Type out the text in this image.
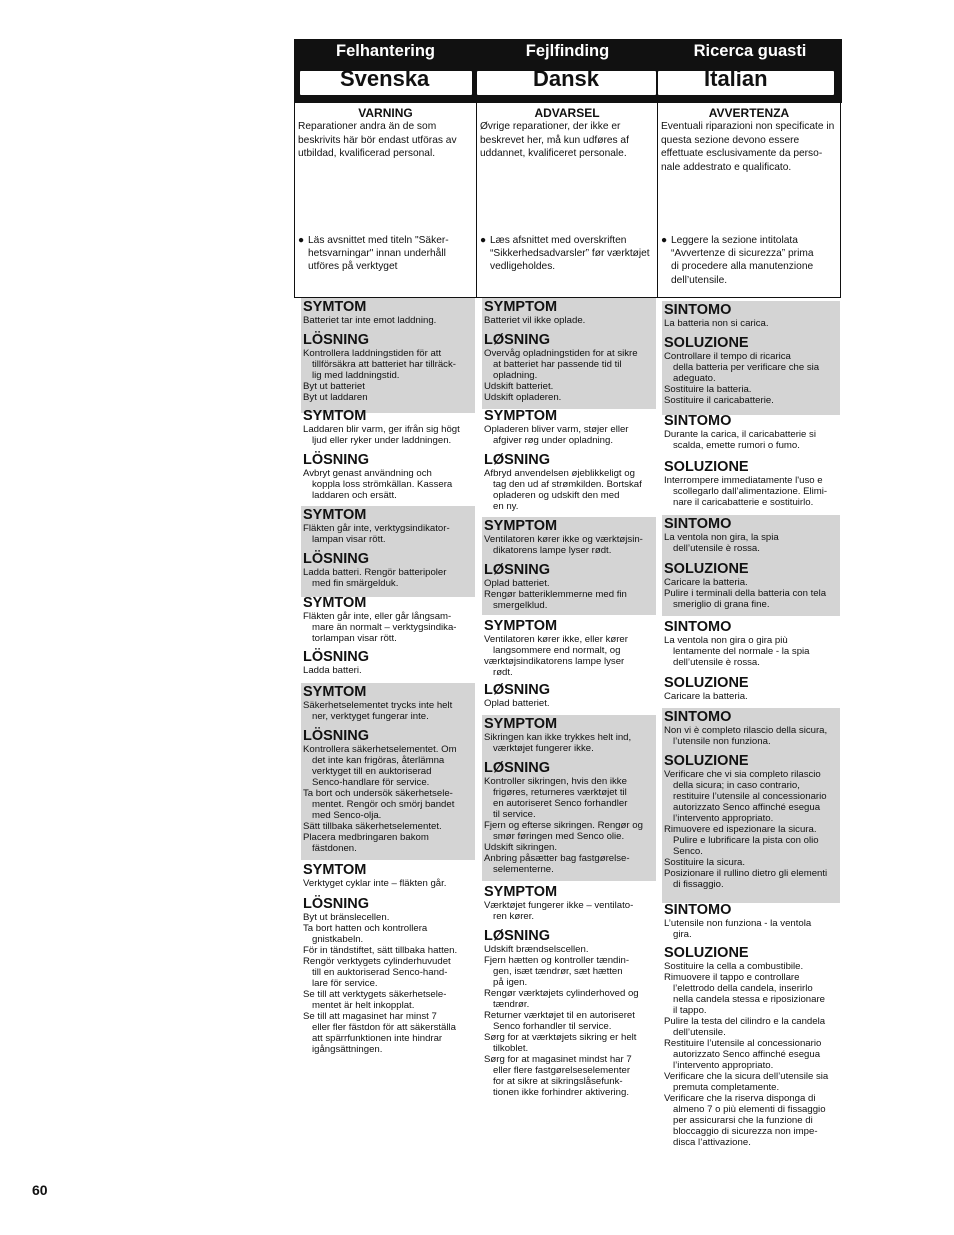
Felhantering
Svenska
Fejlfinding
Dansk
Ricerca guasti
Italian
VARNING
Reparationer andra än de som beskrivits här bör endast utföras av utbildad, kvalificerad personal.
● Läs avsnittet med titeln "Säker-
hetsvarningar" innan underhåll
utföres på verktyget
ADVARSEL
Øvrige reparationer, der ikke er beskrevet her, må kun udføres af uddannet, kvalificeret personale.
● Læs afsnittet med overskriften
“Sikkerhedsadvarsler” før værktøjet
vedligeholdes.
AVVERTENZA
Eventuali riparazioni non specificate in questa sezione devono essere effettuate esclusivamente da perso-nale addestrato e qualificato.
● Leggere la sezione intitolata
“Avvertenze di sicurezza” prima
di procedere alla manutenzione
dell’utensile.
SYMTOM
Batteriet tar inte emot laddning.
LÖSNING
Kontrollera laddningstiden för att
tillförsäkra att batteriet har tillräck-
lig med laddningstid.
Byt ut batteriet
Byt ut laddaren
SYMTOM
Laddaren blir varm, ger ifrån sig högt
ljud eller ryker under laddningen.
LÖSNING
Avbryt genast användning och
koppla loss strömkällan. Kassera
laddaren och ersätt.
SYMTOM
Fläkten går inte, verktygsindikator-
lampan visar rött.
LÖSNING
Ladda batteri. Rengör batteripoler
med fin smärgelduk.
SYMTOM
Fläkten går inte, eller går långsam-
mare än normalt – verktygsindika-
torlampan visar rött.
LÖSNING
Ladda batteri.
SYMTOM
Säkerhetselementet trycks inte helt
ner, verktyget fungerar inte.
LÖSNING
Kontrollera säkerhetselementet. Om
det inte kan frigöras, återlämna
verktyget till en auktoriserad
Senco-handlare för service.
Ta bort och undersök säkerhetsele-
mentet. Rengör och smörj bandet
med Senco-olja.
Sätt tillbaka säkerhetselementet.
Placera medbringaren bakom
fästdonen.
SYMTOM
Verktyget cyklar inte – fläkten går.
LÖSNING
Byt ut bränslecellen.
Ta bort hatten och kontrollera
gnistkabeln.
För in tändstiftet, sätt tillbaka hatten.
Rengör verktygets cylinderhuvudet
till en auktoriserad Senco-hand-
lare för service.
Se till att verktygets säkerhetsele-
mentet är helt inkopplat.
Se till att magasinet har minst 7
eller fler fästdon för att säkerställa
att spärrfunktionen inte hindrar
igångsättningen.
SYMPTOM
Batteriet vil ikke oplade.
LØSNING
Overvåg opladningstiden for at sikre
at batteriet har passende tid til
opladning.
Udskift batteriet.
Udskift opladeren.
SYMPTOM
Opladeren bliver varm, støjer eller
afgiver røg under opladning.
LØSNING
Afbryd anvendelsen øjeblikkeligt og
tag den ud af strømkilden. Bortskaf
opladeren og udskift den med
en ny.
SYMPTOM
Ventilatoren kører ikke og værktøjsin-
dikatorens lampe lyser rødt.
LØSNING
Oplad batteriet.
Rengør batteriklemmerne med fin
smergelklud.
SYMPTOM
Ventilatoren kører ikke, eller kører
langsommere end normalt, og
værktøjsindikatorens lampe lyser
rødt.
LØSNING
Oplad batteriet.
SYMPTOM
Sikringen kan ikke trykkes helt ind,
værktøjet fungerer ikke.
LØSNING
Kontroller sikringen, hvis den ikke
frigøres, returneres værktøjet til
en autoriseret Senco forhandler
til service.
Fjern og efterse sikringen. Rengør og
smør føringen med Senco olie.
Udskift sikringen.
Anbring påsætter bag fastgørelse-
selementerne.
SYMPTOM
Værktøjet fungerer ikke – ventilato-
ren kører.
LØSNING
Udskift brændselscellen.
Fjern hætten og kontroller tændin-
gen, isæt tændrør, sæt hætten
på igen.
Rengør værktøjets cylinderhoved og
tændrør.
Returner værktøjet til en autoriseret
Senco forhandler til service.
Sørg for at værktøjets sikring er helt
tilkoblet.
Sørg for at magasinet mindst har 7
eller flere fastgørelseselementer
for at sikre at sikringslåsefunk-
tionen ikke forhindrer aktivering.
SINTOMO
La batteria non si carica.
SOLUZIONE
Controllare il tempo di ricarica
della batteria per verificare che sia
adeguato.
Sostituire la batteria.
Sostituire il caricabatterie.
SINTOMO
Durante la carica, il caricabatterie si
scalda, emette rumori o fumo.
SOLUZIONE
Interrompere immediatamente l'uso e
scollegarlo dall’alimentazione. Elimi-
nare il caricabatterie e sostituirlo.
SINTOMO
La ventola non gira, la spia
dell’utensile è rossa.
SOLUZIONE
Caricare la batteria.
Pulire i terminali della batteria con tela
smeriglio di grana fine.
SINTOMO
La ventola non gira o gira più
lentamente del normale - la spia
dell’utensile è rossa.
SOLUZIONE
Caricare la batteria.
SINTOMO
Non vi è completo rilascio della sicura,
l’utensile non funziona.
SOLUZIONE
Verificare che vi sia completo rilascio
della sicura; in caso contrario,
restituire l’utensile al concessionario
autorizzato Senco affinché esegua
l’intervento appropriato.
Rimuovere ed ispezionare la sicura.
Pulire e lubrificare la pista con olio
Senco.
Sostituire la sicura.
Posizionare il rullino dietro gli elementi
di fissaggio.
SINTOMO
L’utensile non funziona - la ventola
gira.
SOLUZIONE
Sostituire la cella a combustibile.
Rimuovere il tappo e controllare
l’elettrodo della candela, inserirlo
nella candela stessa e riposizionare
il tappo.
Pulire la testa del cilindro e la candela
dell’utensile.
Restituire l’utensile al concessionario
autorizzato Senco affinché esegua
l’intervento appropriato.
Verificare che la sicura dell’utensile sia
premuta completamente.
Verificare che la riserva disponga di
almeno 7 o più elementi di fissaggio
per assicurarsi che la funzione di
bloccaggio di sicurezza non impe-
disca l’attivazione.
60
